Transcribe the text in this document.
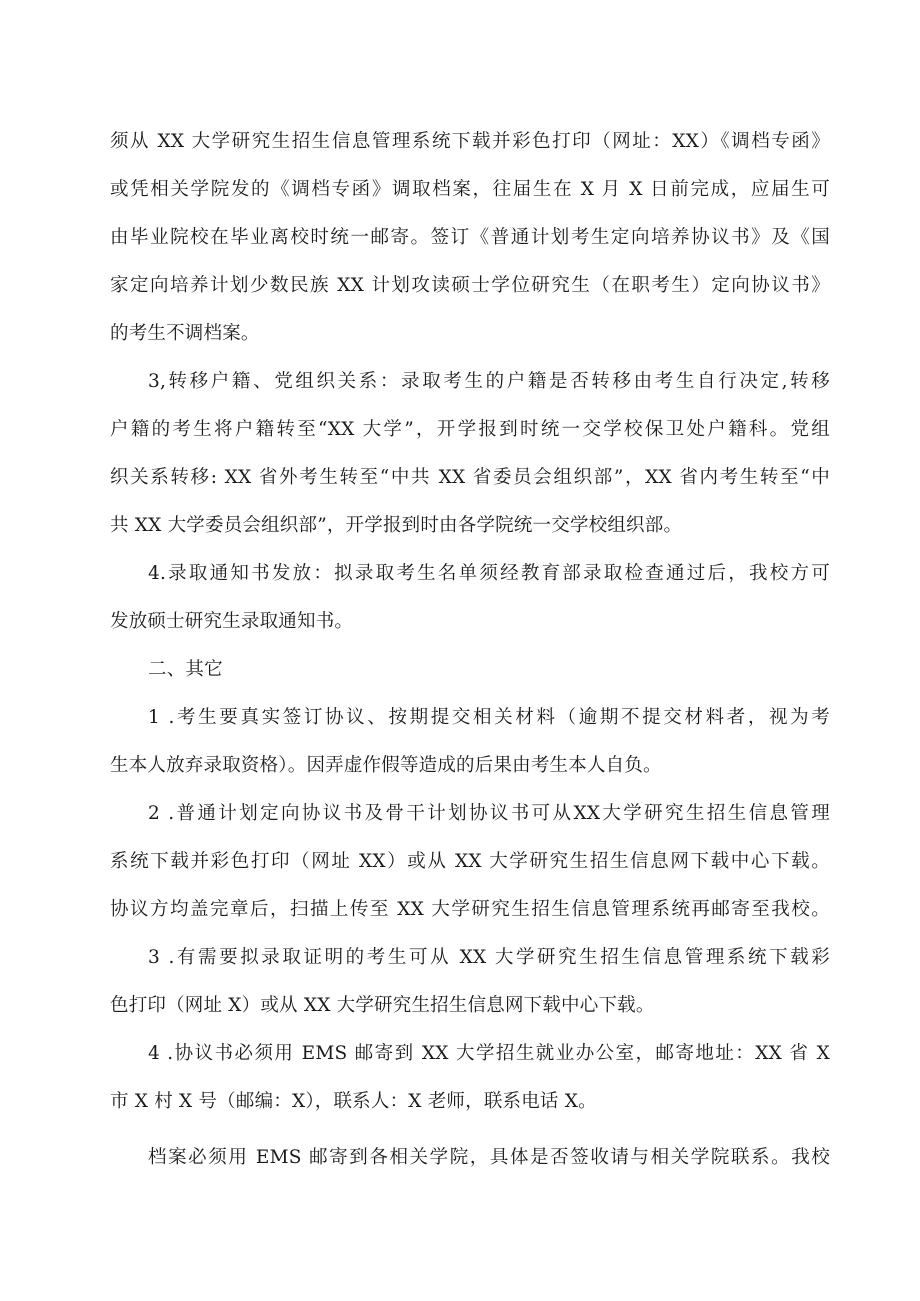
须从 XX 大学研究生招生信息管理系统下载并彩色打印（网址：XX）《调档专函》
或凭相关学院发的《调档专函》调取档案，往届生在 X 月 X 日前完成，应届生可
由毕业院校在毕业离校时统一邮寄。签订《普通计划考生定向培养协议书》及《国
家定向培养计划少数民族 XX 计划攻读硕士学位研究生（在职考生）定向协议书》
的考生不调档案。
3,转移户籍、党组织关系：录取考生的户籍是否转移由考生自行决定,转移
户籍的考生将户籍转至“XX 大学”，开学报到时统一交学校保卫处户籍科。党组
织关系转移: XX 省外考生转至“中共 XX 省委员会组织部”，XX 省内考生转至“中
共 XX 大学委员会组织部”，开学报到时由各学院统一交学校组织部。
4.录取通知书发放：拟录取考生名单须经教育部录取检查通过后，我校方可
发放硕士研究生录取通知书。
二、其它
1 .考生要真实签订协议、按期提交相关材料（逾期不提交材料者，视为考
生本人放弃录取资格）。因弄虚作假等造成的后果由考生本人自负。
2 .普通计划定向协议书及骨干计划协议书可从XX大学研究生招生信息管理
系统下载并彩色打印（网址 XX）或从 XX 大学研究生招生信息网下载中心下载。
协议方均盖完章后，扫描上传至 XX 大学研究生招生信息管理系统再邮寄至我校。
3 .有需要拟录取证明的考生可从 XX 大学研究生招生信息管理系统下载彩
色打印（网址 X）或从 XX 大学研究生招生信息网下载中心下载。
4 .协议书必须用 EMS 邮寄到 XX 大学招生就业办公室，邮寄地址：XX 省 X
市 X 村 X 号（邮编：X），联系人：X 老师，联系电话 X。
档案必须用 EMS 邮寄到各相关学院，具体是否签收请与相关学院联系。我校
